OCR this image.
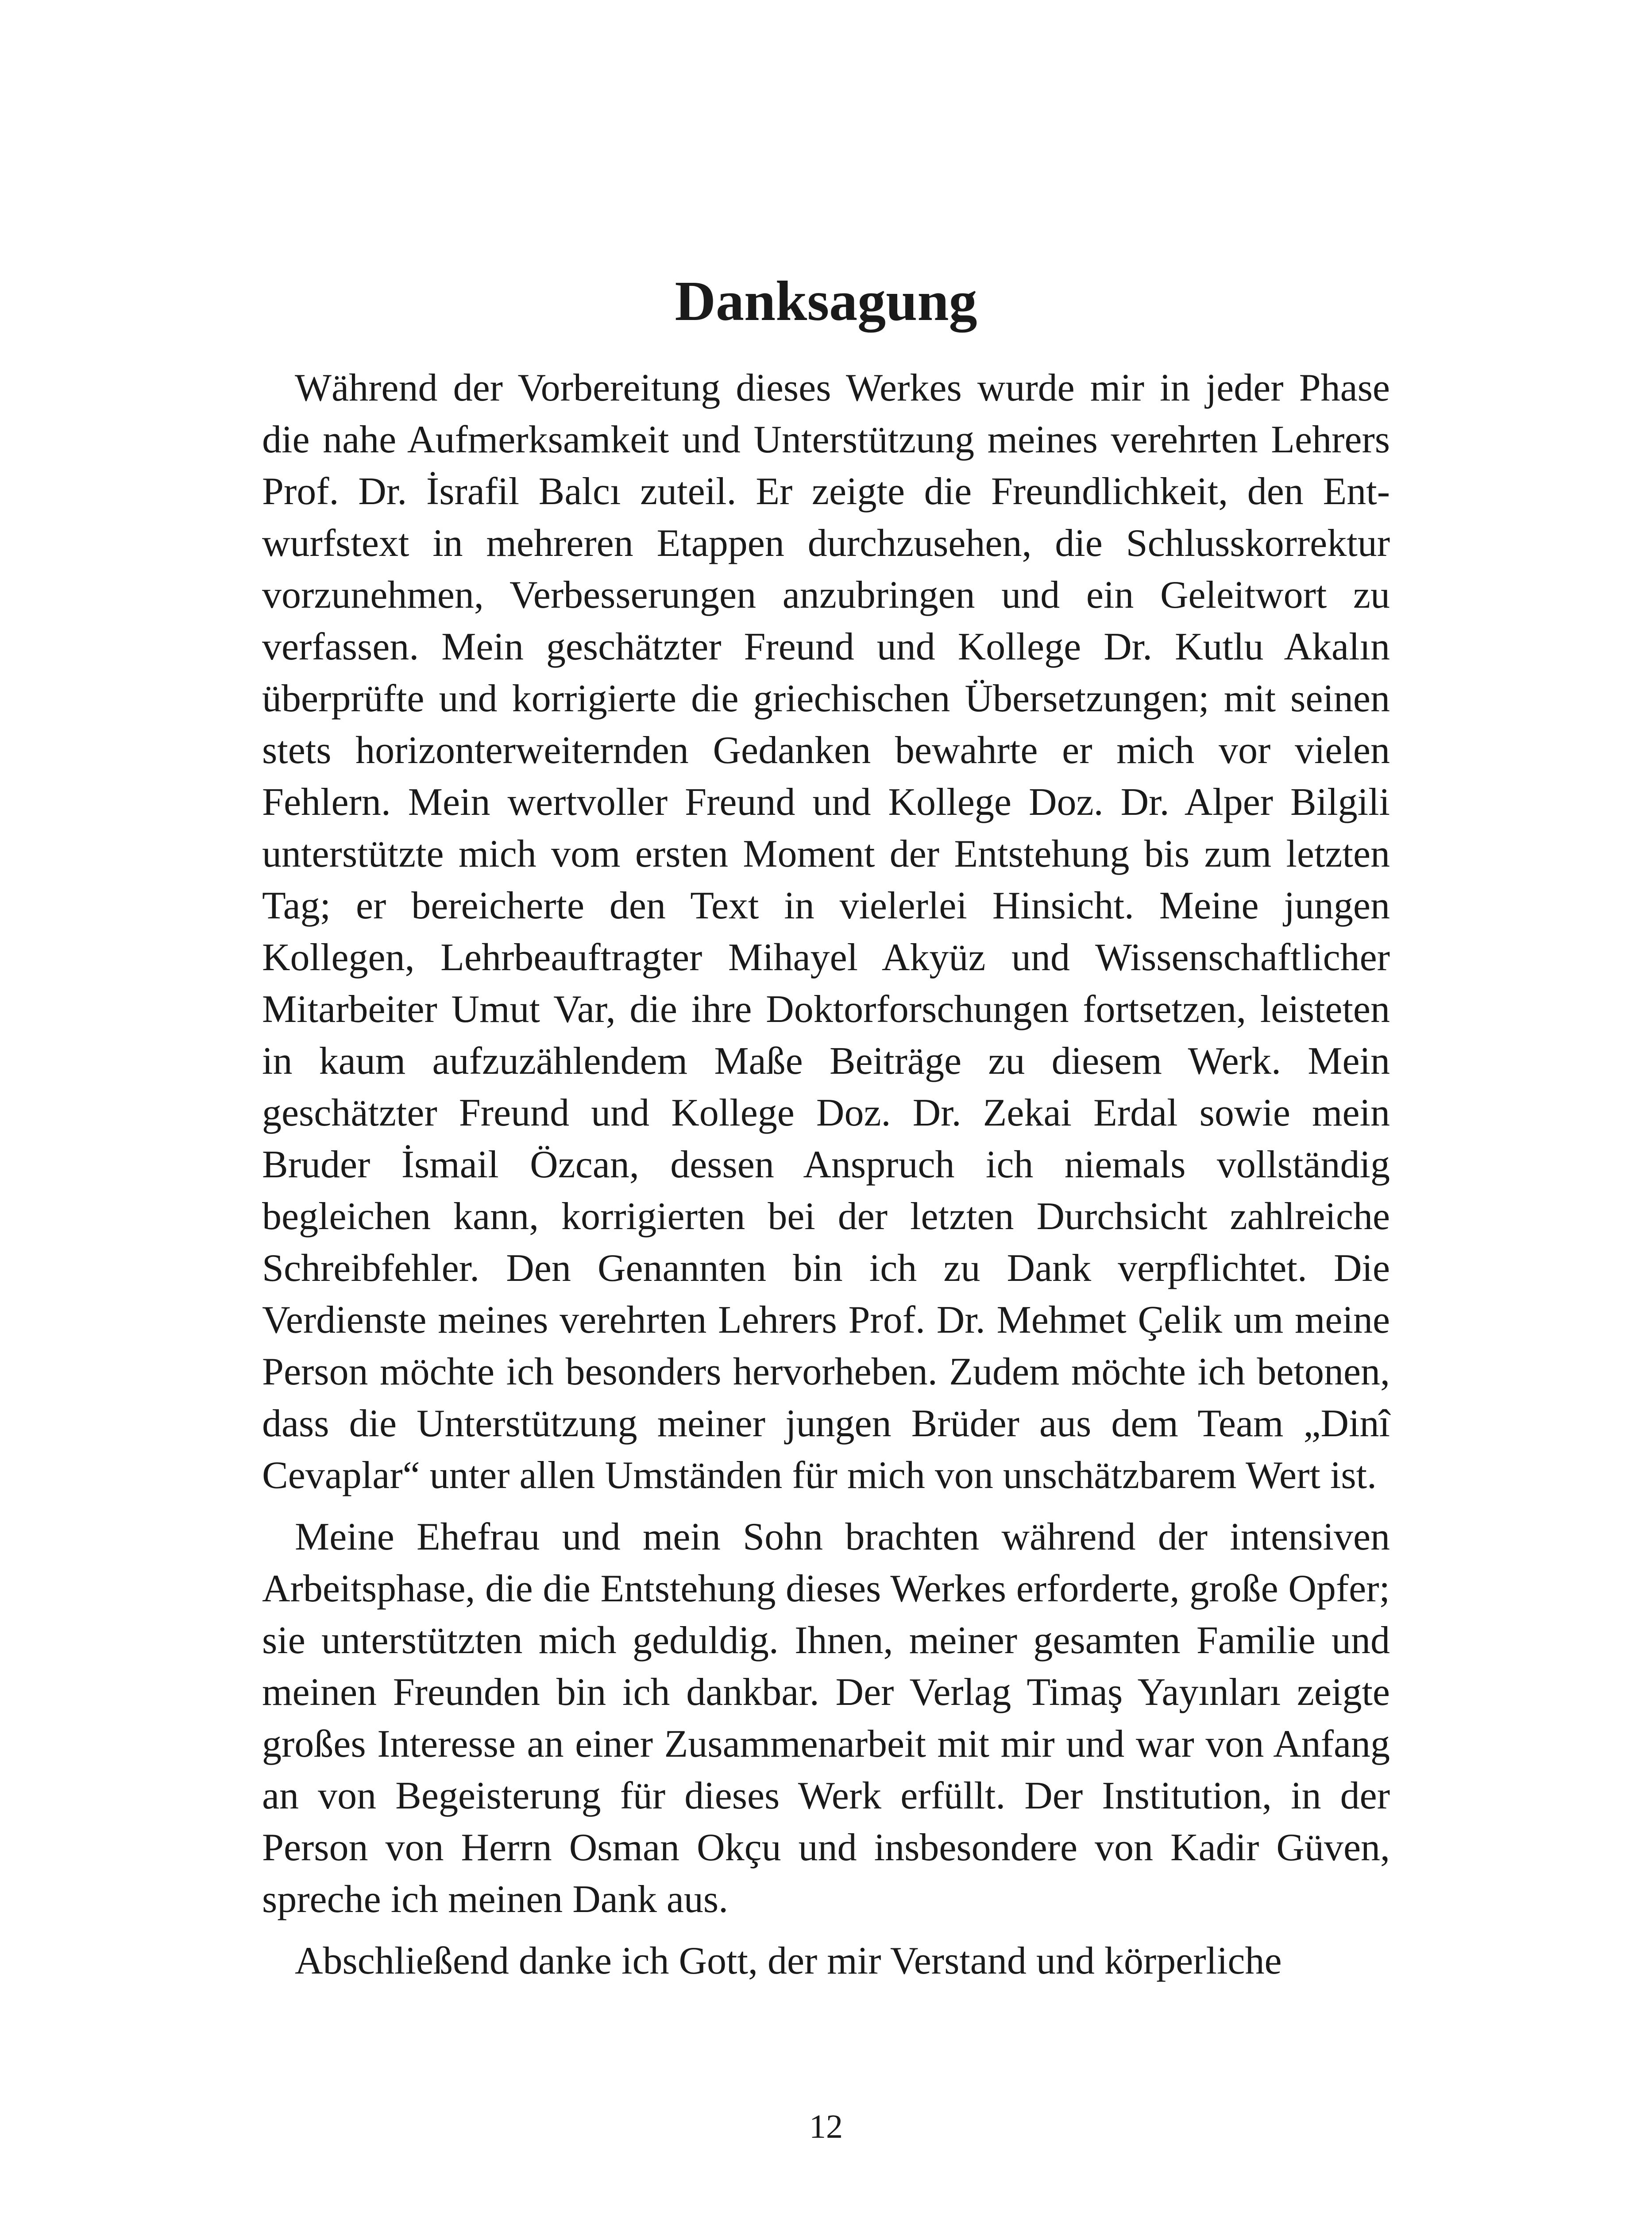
Danksagung

Während der Vorbereitung dieses Werkes wurde mir in jeder Phase die nahe Aufmerksamkeit und Unterstützung meines verehrten Lehrers Prof. Dr. İsrafil Balcı zuteil. Er zeigte die Freundlichkeit, den Entwurfstext in mehreren Etappen durchzusehen, die Schlusskorrektur vorzunehmen, Verbesserungen anzubringen und ein Geleitwort zu verfassen. Mein geschätzter Freund und Kollege Dr. Kutlu Akalın überprüfte und korrigierte die griechischen Übersetzungen; mit seinen stets horizonterweiternden Gedanken bewahrte er mich vor vielen Fehlern. Mein wertvoller Freund und Kollege Doz. Dr. Alper Bilgili unterstützte mich vom ersten Moment der Entstehung bis zum letzten Tag; er bereicherte den Text in vielerlei Hinsicht. Meine jungen Kollegen, Lehrbeauftragter Mihayel Akyüz und Wissenschaftlicher Mitarbeiter Umut Var, die ihre Doktorforschungen fortsetzen, leisteten in kaum aufzuzählendem Maße Beiträge zu diesem Werk. Mein geschätzter Freund und Kollege Doz. Dr. Zekai Erdal sowie mein Bruder İsmail Özcan, dessen Anspruch ich niemals vollständig begleichen kann, korrigierten bei der letzten Durchsicht zahlreiche Schreibfehler. Den Genannten bin ich zu Dank verpflichtet. Die Verdienste meines verehrten Lehrers Prof. Dr. Mehmet Çelik um meine Person möchte ich besonders hervorheben. Zudem möchte ich betonen, dass die Unterstützung meiner jungen Brüder aus dem Team „Dinî Cevaplar“ unter allen Umständen für mich von unschätzbarem Wert ist.

Meine Ehefrau und mein Sohn brachten während der intensiven Arbeitsphase, die die Entstehung dieses Werkes erforderte, große Opfer; sie unterstützten mich geduldig. Ihnen, meiner gesamten Familie und meinen Freunden bin ich dankbar. Der Verlag Timaş Yayınları zeigte großes Interesse an einer Zusammenarbeit mit mir und war von Anfang an von Begeisterung für dieses Werk erfüllt. Der Institution, in der Person von Herrn Osman Okçu und insbesondere von Kadir Güven, spreche ich meinen Dank aus.

Abschließend danke ich Gott, der mir Verstand und körperliche

12
